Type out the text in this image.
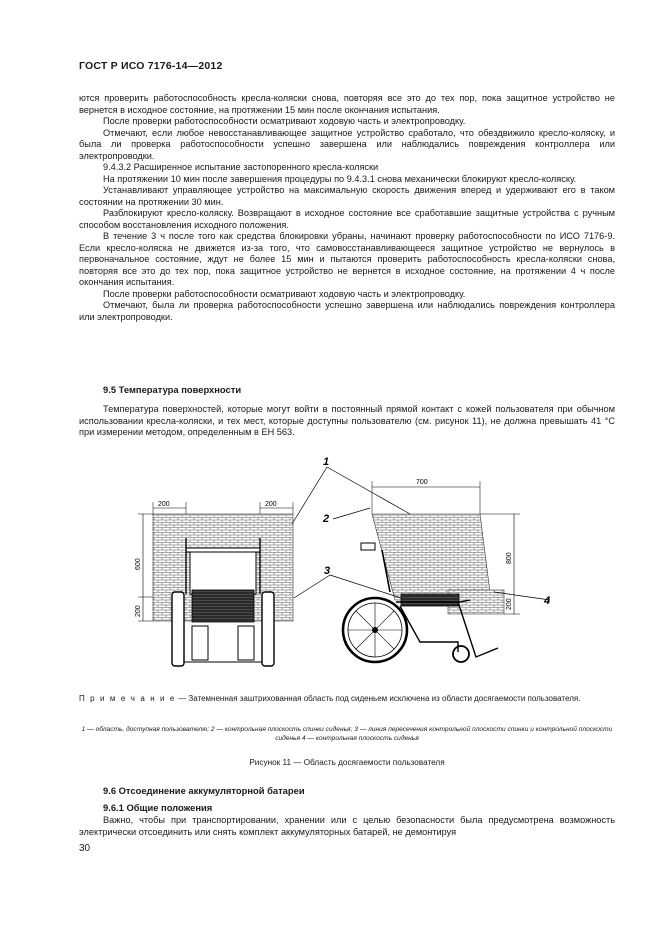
ГОСТ Р ИСО 7176-14—2012

ются проверить работоспособность кресла-коляски снова, повторяя все это до тех пор, пока защитное устройство не вернется в исходное состояние, на протяжении 15 мин после окончания испытания.

После проверки работоспособности осматривают ходовую часть и электропроводку.

Отмечают, если любое невосстанавливающее защитное устройство сработало, что обездвижило кресло-коляску, и была ли проверка работоспособности успешно завершена или наблюдались повреждения контроллера или электропроводки.

9.4.3.2 Расширенное испытание застопоренного кресла-коляски

На протяжении 10 мин после завершения процедуры по 9.4.3.1 снова механически блокируют кресло-коляску.

Устанавливают управляющее устройство на максимальную скорость движения вперед и удерживают его в таком состоянии на протяжении 30 мин.

Разблокируют кресло-коляску. Возвращают в исходное состояние все сработавшие защитные устройства с ручным способом восстановления исходного положения.

В течение 3 ч после того как средства блокировки убраны, начинают проверку работоспособности по ИСО 7176-9. Если кресло-коляска не движется из-за того, что самовосстанавливающееся защитное устройство не вернулось в первоначальное состояние, ждут не более 15 мин и пытаются проверить работоспособность кресла-коляски снова, повторяя все это до тех пор, пока защитное устройство не вернется в исходное состояние, на протяжении 4 ч после окончания испытания.

После проверки работоспособности осматривают ходовую часть и электропроводку.

Отмечают, была ли проверка работоспособности успешно завершена или наблюдались повреждения контроллера или электропроводки.

9.5 Температура поверхности
Температура поверхностей, которые могут войти в постоянный прямой контакт с кожей пользователя при обычном использовании кресла-коляски, и тех мест, которые доступны пользователю (см. рисунок 11), не должна превышать 41 °С при измерении методом, определенным в ЕН 563.
200	200
600
200
700
800
200
1
2
3
4
П р и м е ч а н и е — Затемненная заштрихованная область под сиденьем исключена из области досягаемости пользователя.
1 — область, доступная пользователю; 2 — контрольная плоскость спинки сиденья; 3 — линия пересечения контрольной плоскости спинки и контрольной плоскости сиденья 4 — контрольная плоскость сиденья
Рисунок 11 — Область досягаемости пользователя
9.6 Отсоединение аккумуляторной батареи
9.6.1 Общие положения
Важно, чтобы при транспортировании, хранении или с целью безопасности была предусмотрена возможность электрически отсоединить или снять комплект аккумуляторных батарей, не демонтируя
30
